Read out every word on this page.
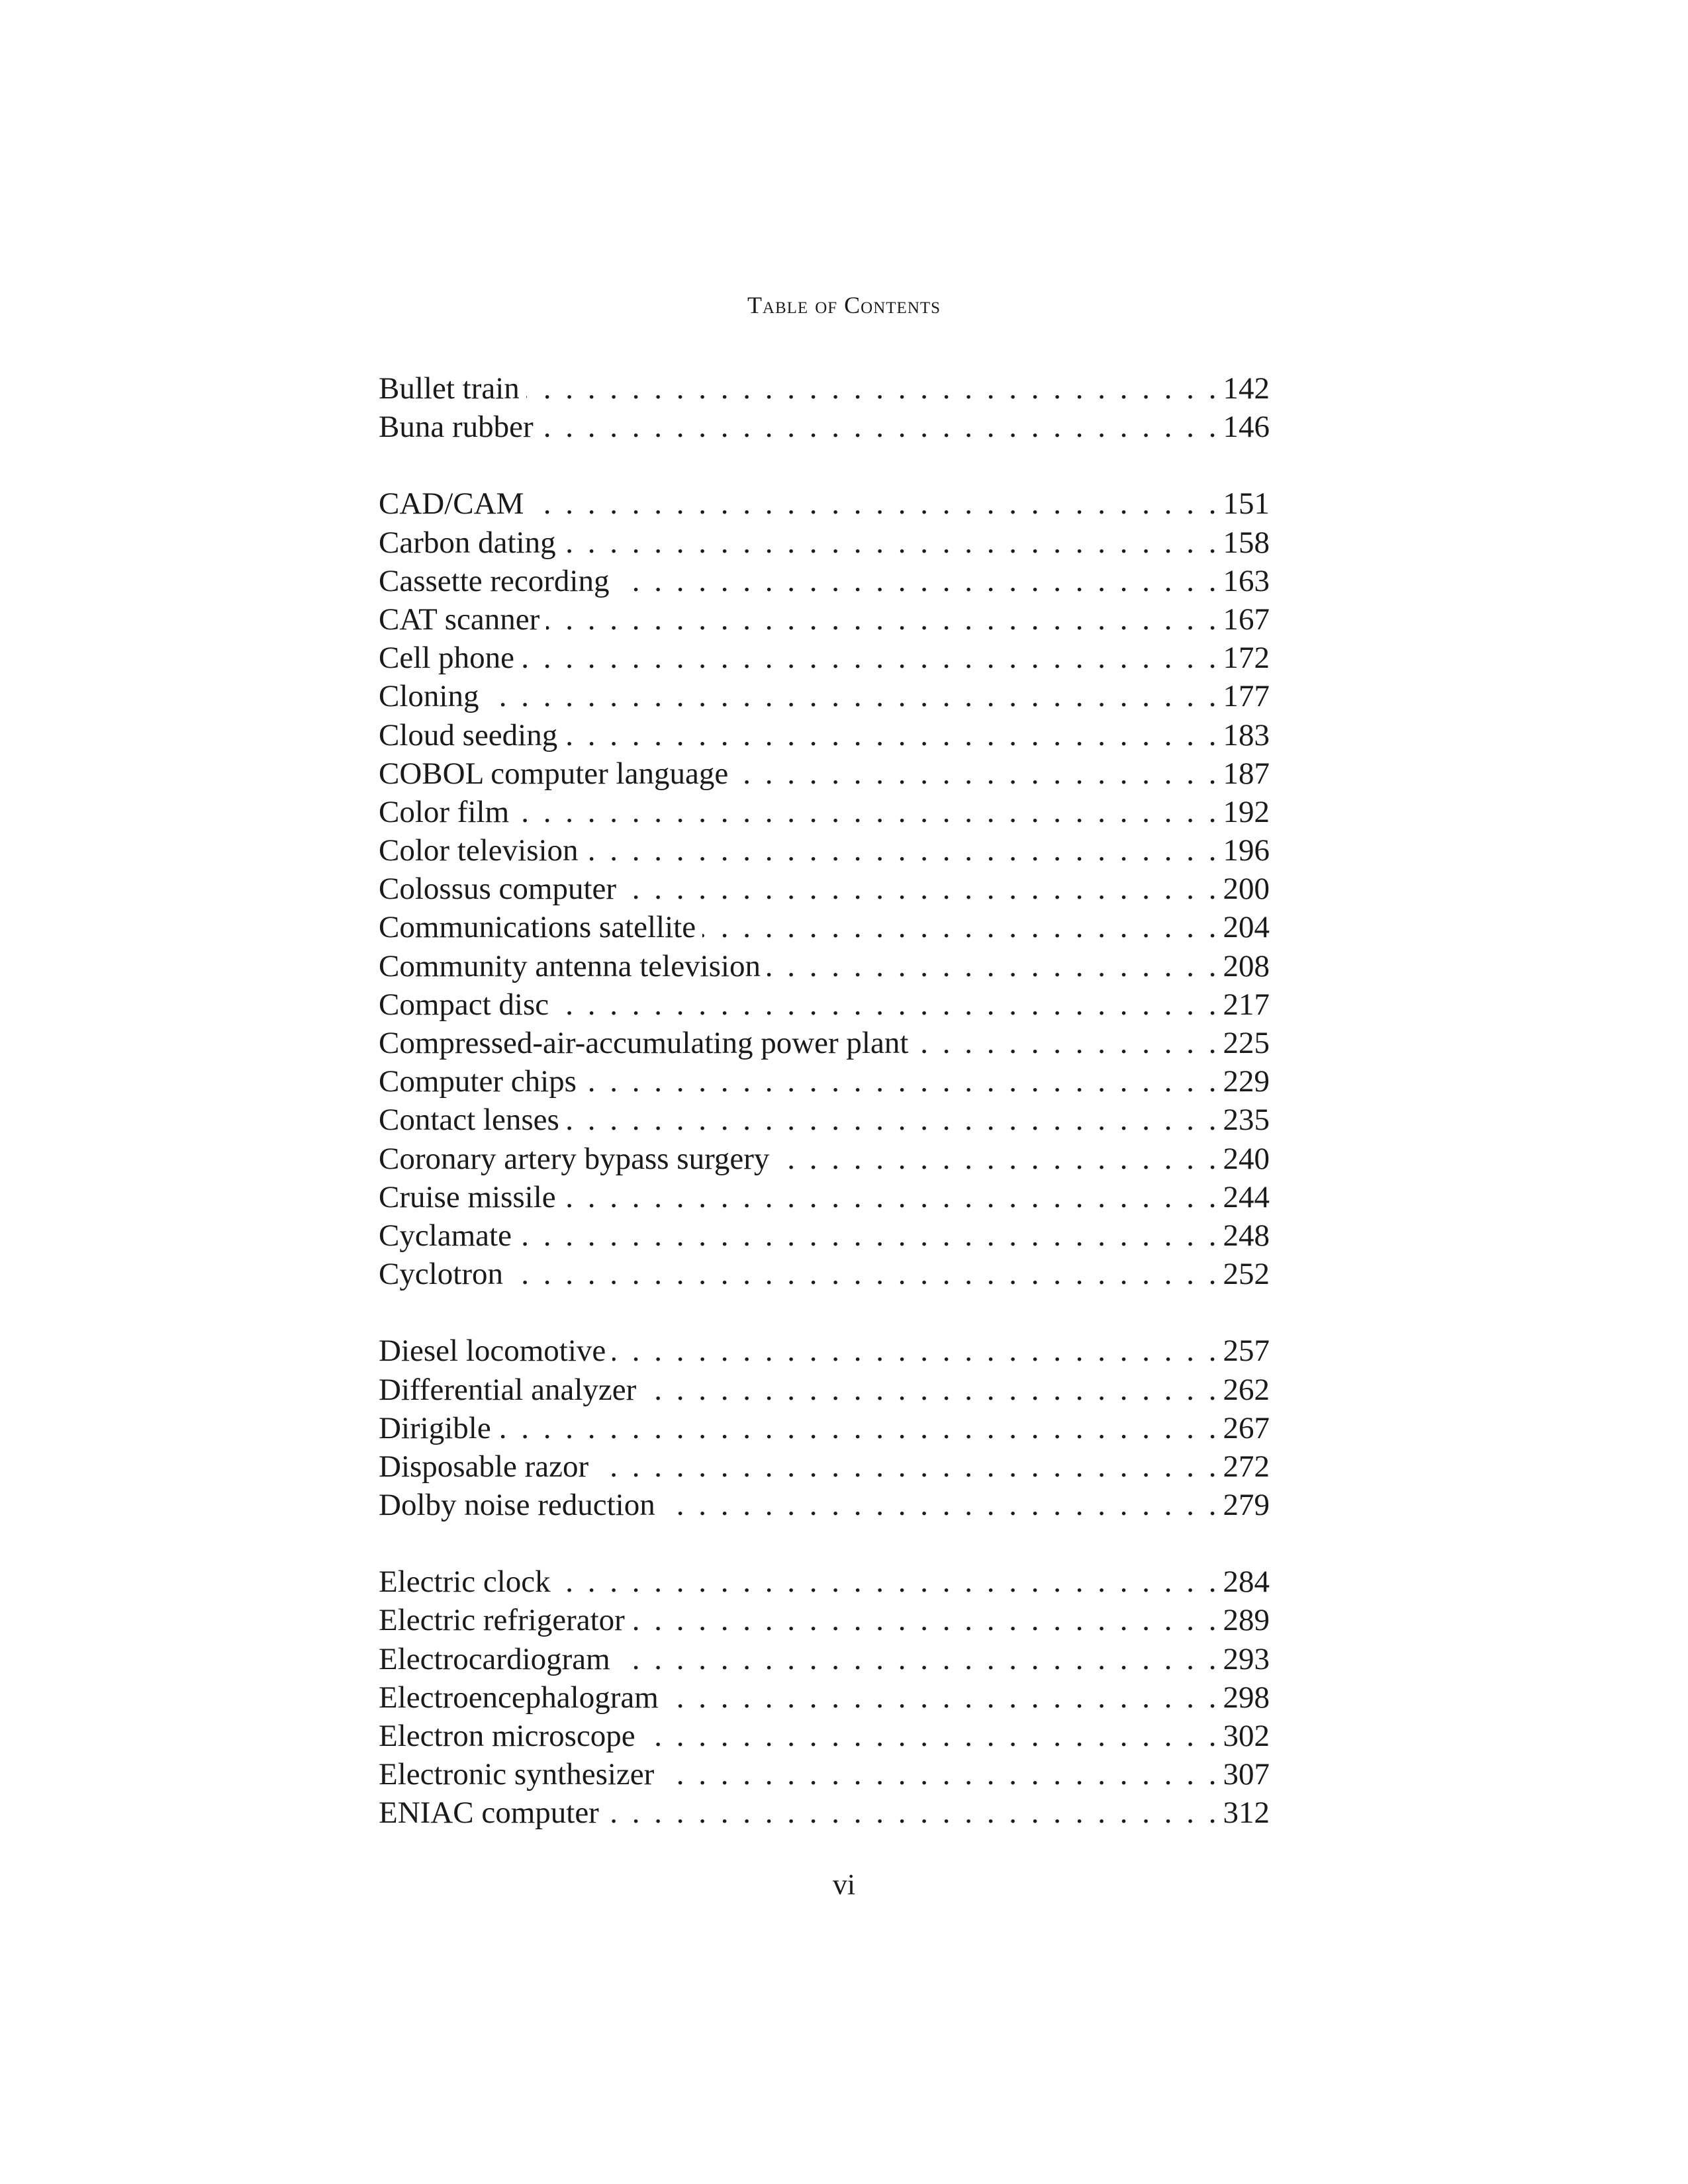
Table of Contents
Bullet train . . .	142
Buna rubber . . .	146
CAD/CAM . . .	151
Carbon dating . . .	158
Cassette recording . . .	163
CAT scanner . . .	167
Cell phone . . .	172
Cloning . . .	177
Cloud seeding . . .	183
COBOL computer language . . .	187
Color film . . .	192
Color television . . .	196
Colossus computer . . .	200
Communications satellite . . .	204
Community antenna television . . .	208
Compact disc . . .	217
Compressed-air-accumulating power plant . . .	225
Computer chips . . .	229
Contact lenses . . .	235
Coronary artery bypass surgery . . .	240
Cruise missile . . .	244
Cyclamate . . .	248
Cyclotron . . .	252
Diesel locomotive . . .	257
Differential analyzer . . .	262
Dirigible . . .	267
Disposable razor . . .	272
Dolby noise reduction . . .	279
Electric clock . . .	284
Electric refrigerator . . .	289
Electrocardiogram . . .	293
Electroencephalogram . . .	298
Electron microscope . . .	302
Electronic synthesizer . . .	307
ENIAC computer . . .	312
vi
